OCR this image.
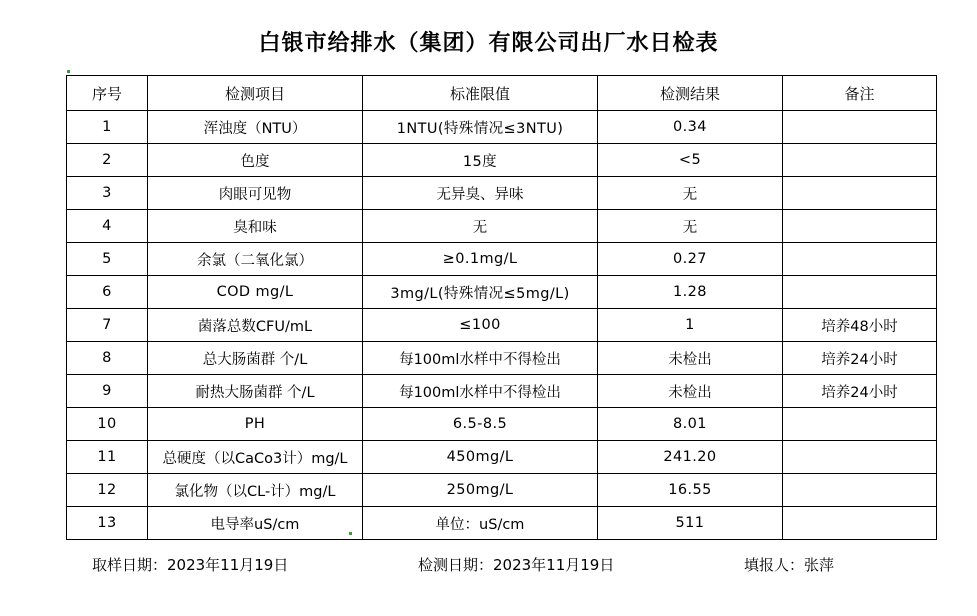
白银市给排水（集团）有限公司出厂水日检表
序号	检测项目	标准限值	检测结果	备注
1	浑浊度（NTU）	1NTU(特殊情况≤3NTU)	0.34	
2	色度	15度	<5	
3	肉眼可见物	无异臭、异味	无	
4	臭和味	无	无	
5	余氯（二氧化氯）	≥0.1mg/L	0.27	
6	COD mg/L	3mg/L(特殊情况≤5mg/L)	1.28	
7	菌落总数CFU/mL	≤100	1	培养48小时
8	总大肠菌群 个/L	每100ml水样中不得检出	未检出	培养24小时
9	耐热大肠菌群 个/L	每100ml水样中不得检出	未检出	培养24小时
10	PH	6.5-8.5	8.01	
11	总硬度（以CaCo3计）mg/L	450mg/L	241.20	
12	氯化物（以CL-计）mg/L	250mg/L	16.55	
13	电导率uS/cm	单位：uS/cm	511	
取样日期：2023年11月19日	检测日期：2023年11月19日	填报人：张萍
